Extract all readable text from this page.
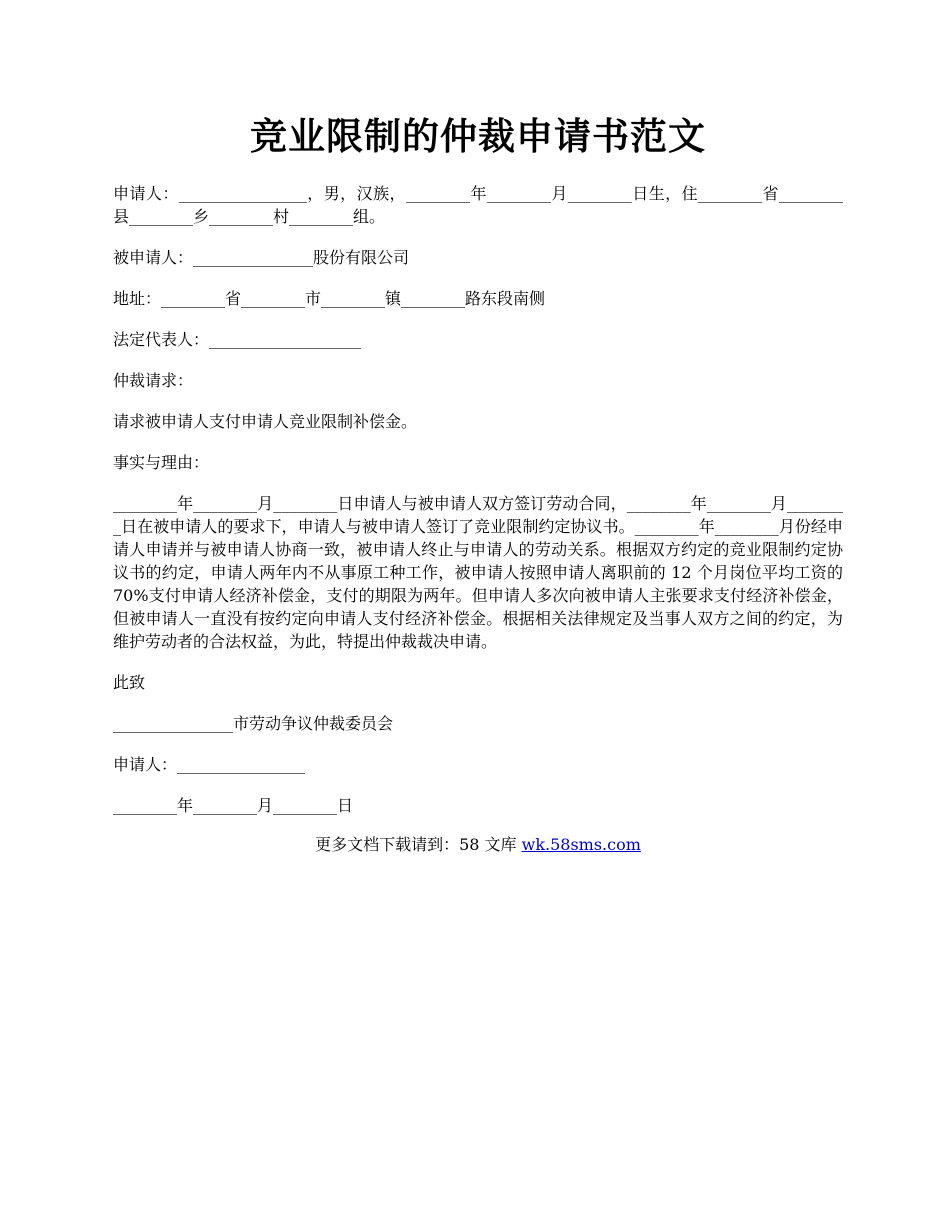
竞业限制的仲裁申请书范文

申请人：________________，男，汉族，________年________月________日生，住________省________县________乡________村________组。

被申请人：_______________股份有限公司

地址：________省________市________镇________路东段南侧

法定代表人：___________________

仲裁请求：

请求被申请人支付申请人竞业限制补偿金。

事实与理由：

________年________月________日申请人与被申请人双方签订劳动合同，________年________月________日在被申请人的要求下，申请人与被申请人签订了竞业限制约定协议书。________年________月份经申请人申请并与被申请人协商一致，被申请人终止与申请人的劳动关系。根据双方约定的竞业限制约定协议书的约定，申请人两年内不从事原工种工作，被申请人按照申请人离职前的 12 个月岗位平均工资的 70%支付申请人经济补偿金，支付的期限为两年。但申请人多次向被申请人主张要求支付经济补偿金，但被申请人一直没有按约定向申请人支付经济补偿金。根据相关法律规定及当事人双方之间的约定，为维护劳动者的合法权益，为此，特提出仲裁裁决申请。

此致

_______________市劳动争议仲裁委员会

申请人：________________

________年________月________日

更多文档下载请到：58 文库 wk.58sms.com
